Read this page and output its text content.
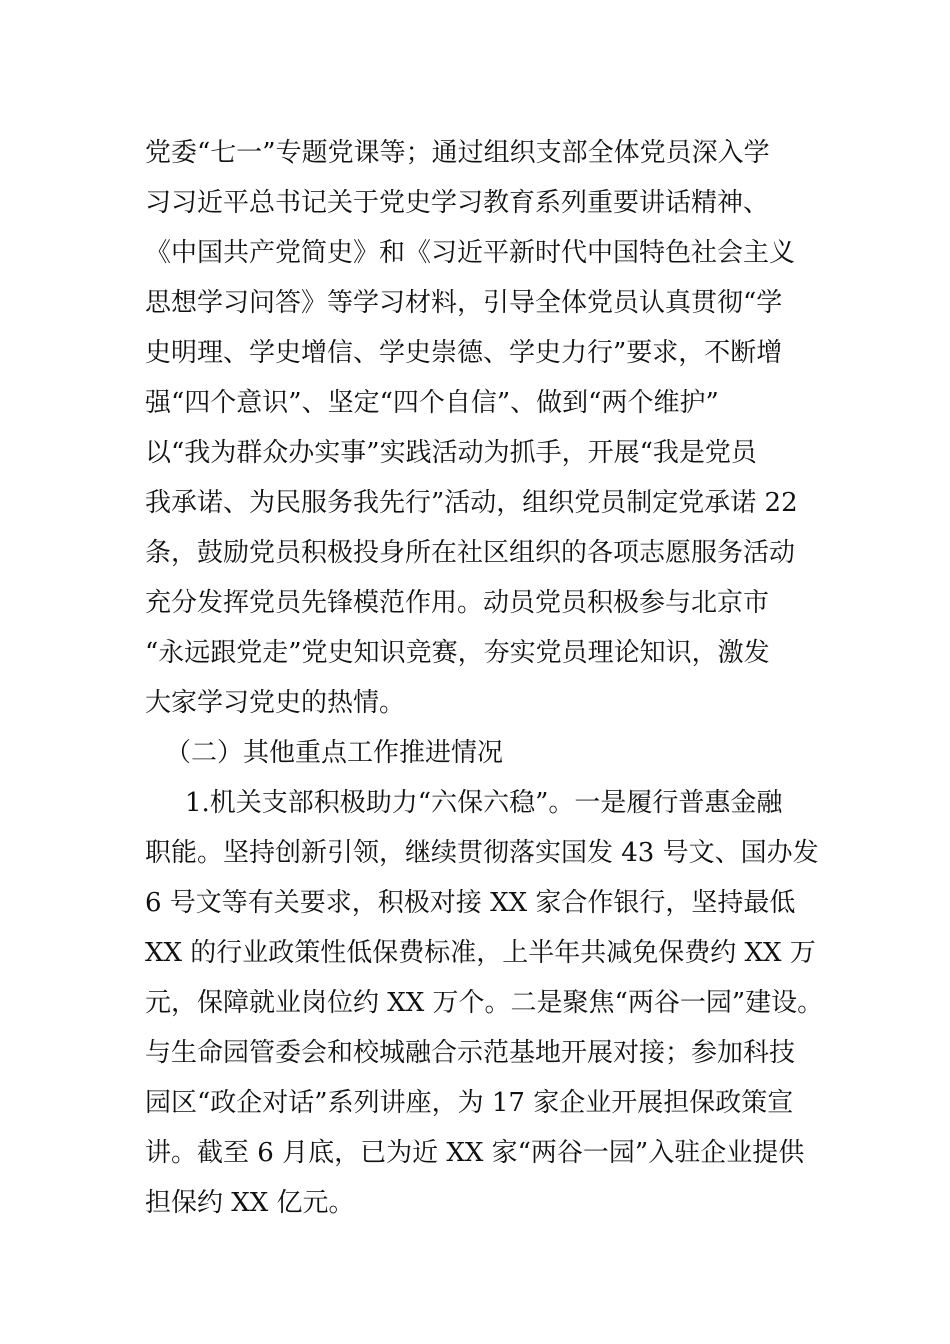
党委“七一”专题党课等；通过组织支部全体党员深入学
习习近平总书记关于党史学习教育系列重要讲话精神、
《中国共产党简史》和《习近平新时代中国特色社会主义
思想学习问答》等学习材料，引导全体党员认真贯彻“学
史明理、学史增信、学史崇德、学史力行”要求，不断增
强“四个意识”、坚定“四个自信”、做到“两个维护”
以“我为群众办实事”实践活动为抓手，开展“我是党员
我承诺、为民服务我先行”活动，组织党员制定党承诺 22
条，鼓励党员积极投身所在社区组织的各项志愿服务活动
充分发挥党员先锋模范作用。动员党员积极参与北京市
“永远跟党走”党史知识竞赛，夯实党员理论知识，激发
大家学习党史的热情。
（二）其他重点工作推进情况
1.机关支部积极助力“六保六稳”。一是履行普惠金融
职能。坚持创新引领，继续贯彻落实国发 43 号文、国办发
6 号文等有关要求，积极对接 XX 家合作银行，坚持最低
XX 的行业政策性低保费标准，上半年共减免保费约 XX 万
元，保障就业岗位约 XX 万个。二是聚焦“两谷一园”建设。
与生命园管委会和校城融合示范基地开展对接；参加科技
园区“政企对话”系列讲座，为 17 家企业开展担保政策宣
讲。截至 6 月底，已为近 XX 家“两谷一园”入驻企业提供
担保约 XX 亿元。
